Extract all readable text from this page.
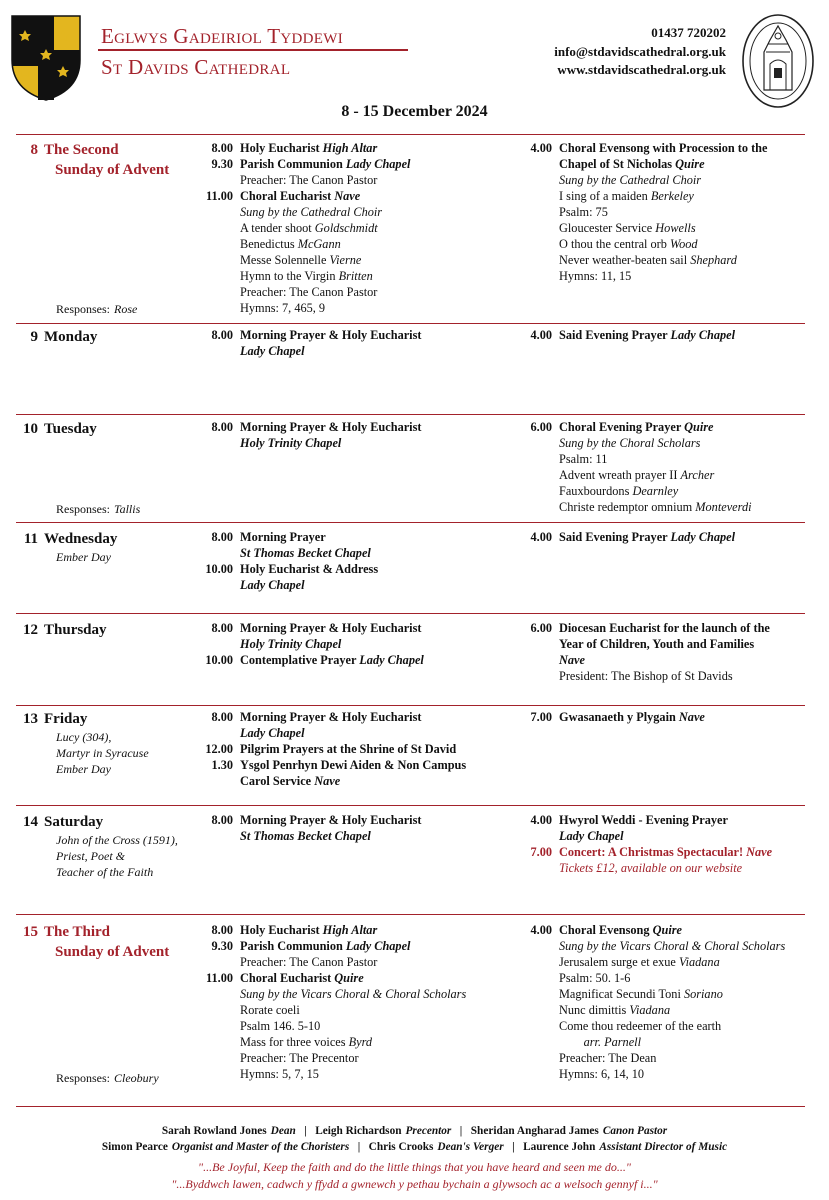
Eglwys Gadeiriol Tyddewi
St Davids Cathedral
01437 720202
info@stdavidscathedral.org.uk
www.stdavidscathedral.org.uk
8 - 15 December 2024
8 The Second
Sunday of Advent
Responses: Rose
8.00 Holy Eucharist High Altar
9.30 Parish Communion Lady Chapel
Preacher: The Canon Pastor
11.00 Choral Eucharist Nave
Sung by the Cathedral Choir
A tender shoot Goldschmidt
Benedictus McGann
Messe Solennelle Vierne
Hymn to the Virgin Britten
Preacher: The Canon Pastor
Hymns: 7, 465, 9
4.00 Choral Evensong with Procession to the
Chapel of St Nicholas Quire
Sung by the Cathedral Choir
I sing of a maiden Berkeley
Psalm: 75
Gloucester Service Howells
O thou the central orb Wood
Never weather-beaten sail Shephard
Hymns: 11, 15
9 Monday	8.00 Morning Prayer & Holy Eucharist
Lady Chapel
4.00 Said Evening Prayer Lady Chapel
10 Tuesday
Responses: Tallis
8.00 Morning Prayer & Holy Eucharist
Holy Trinity Chapel
6.00 Choral Evening Prayer Quire
Sung by the Choral Scholars
Psalm: 11
Advent wreath prayer II Archer
Fauxbourdons Dearnley
Christe redemptor omnium Monteverdi
11 Wednesday
Ember Day
8.00 Morning Prayer
St Thomas Becket Chapel
10.00 Holy Eucharist & Address
Lady Chapel
4.00 Said Evening Prayer Lady Chapel
12 Thursday	8.00 Morning Prayer & Holy Eucharist
Holy Trinity Chapel
10.00 Contemplative Prayer Lady Chapel
6.00 Diocesan Eucharist for the launch of the
Year of Children, Youth and Families
Nave
President: The Bishop of St Davids
13 Friday
Lucy (304),
Martyr in Syracuse
Ember Day
8.00 Morning Prayer & Holy Eucharist
Lady Chapel
12.00 Pilgrim Prayers at the Shrine of St David
1.30 Ysgol Penrhyn Dewi Aiden & Non Campus
Carol Service Nave
7.00 Gwasanaeth y Plygain Nave
14 Saturday
John of the Cross (1591),
Priest, Poet &
Teacher of the Faith
8.00 Morning Prayer & Holy Eucharist
St Thomas Becket Chapel
4.00 Hwyrol Weddi - Evening Prayer
Lady Chapel
7.00 Concert: A Christmas Spectacular! Nave
Tickets £12, available on our website
15 The Third
Sunday of Advent
Responses: Cleobury
8.00 Holy Eucharist High Altar
9.30 Parish Communion Lady Chapel
Preacher: The Canon Pastor
11.00 Choral Eucharist Quire
Sung by the Vicars Choral & Choral Scholars
Rorate coeli
Psalm 146. 5-10
Mass for three voices Byrd
Preacher: The Precentor
Hymns: 5, 7, 15
4.00 Choral Evensong Quire
Sung by the Vicars Choral & Choral Scholars
Jerusalem surge et exue Viadana
Psalm: 50. 1-6
Magnificat Secundi Toni Soriano
Nunc dimittis Viadana
Come thou redeemer of the earth
arr. Parnell
Preacher: The Dean
Hymns: 6, 14, 10
Sarah Rowland Jones Dean   |   Leigh Richardson Precentor   |   Sheridan Angharad James Canon Pastor
Simon Pearce Organist and Master of the Choristers   |   Chris Crooks Dean's Verger   |   Laurence John Assistant Director of Music
"...Be Joyful, Keep the faith and do the little things that you have heard and seen me do..."
"...Byddwch lawen, cadwch y ffydd a gwnewch y pethau bychain a glywsoch ac a welsoch gennyf i..."
